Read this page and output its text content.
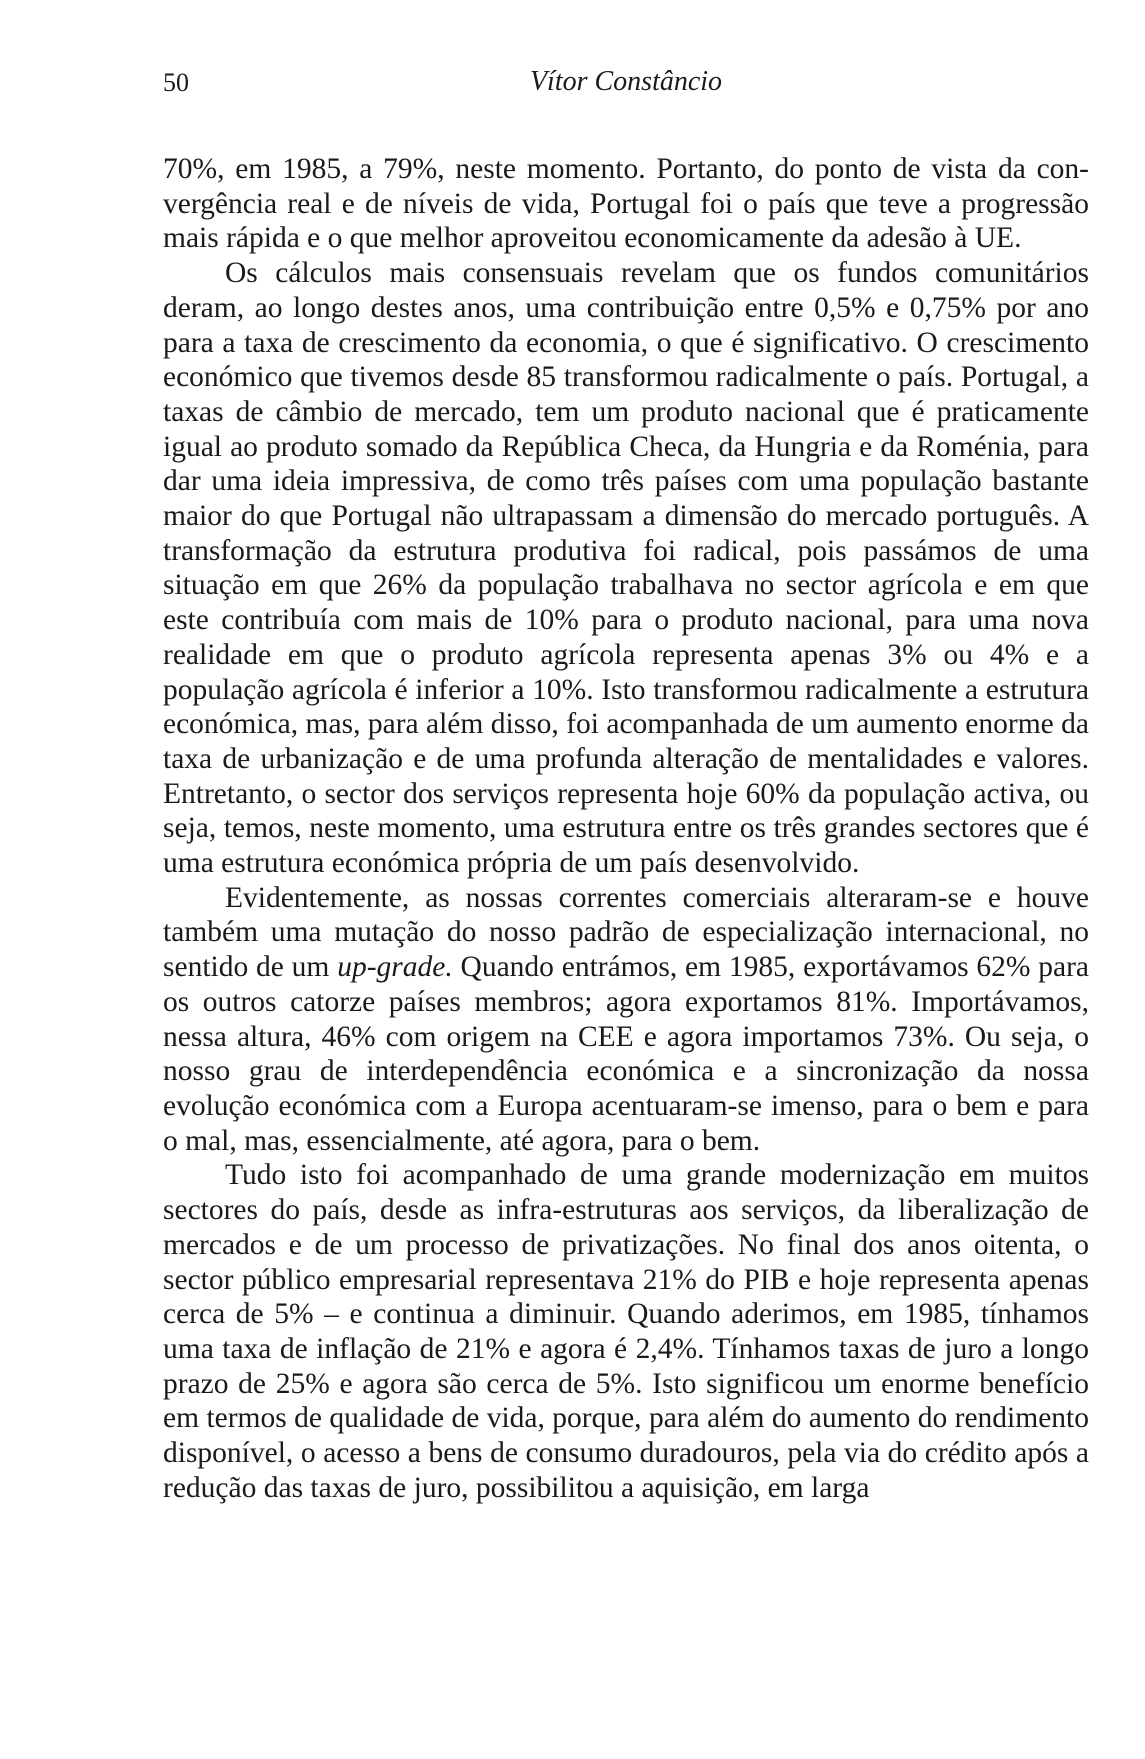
50	Vítor Constâncio

70%, em 1985, a 79%, neste momento. Portanto, do ponto de vista da convergência real e de níveis de vida, Portugal foi o país que teve a progressão mais rápida e o que melhor aproveitou economicamente da adesão à UE.

Os cálculos mais consensuais revelam que os fundos comunitários deram, ao longo destes anos, uma contribuição entre 0,5% e 0,75% por ano para a taxa de crescimento da economia, o que é significativo. O crescimento económico que tivemos desde 85 transformou radicalmente o país. Portugal, a taxas de câmbio de mercado, tem um produto nacional que é praticamente igual ao produto somado da República Checa, da Hungria e da Roménia, para dar uma ideia impressiva, de como três países com uma população bastante maior do que Portugal não ultrapassam a dimensão do mercado português. A transformação da estrutura produtiva foi radical, pois passámos de uma situação em que 26% da população trabalhava no sector agrícola e em que este contribuía com mais de 10% para o produto nacional, para uma nova realidade em que o produto agrícola representa apenas 3% ou 4% e a população agrícola é inferior a 10%. Isto transformou radicalmente a estrutura económica, mas, para além disso, foi acompanhada de um aumento enorme da taxa de urbanização e de uma profunda alteração de mentalidades e valores. Entretanto, o sector dos serviços representa hoje 60% da população activa, ou seja, temos, neste momento, uma estrutura entre os três grandes sectores que é uma estrutura económica própria de um país desenvolvido.

Evidentemente, as nossas correntes comerciais alteraram-se e houve também uma mutação do nosso padrão de especialização internacional, no sentido de um up-grade. Quando entrámos, em 1985, exportávamos 62% para os outros catorze países membros; agora exportamos 81%. Importávamos, nessa altura, 46% com origem na CEE e agora importamos 73%. Ou seja, o nosso grau de interdependência económica e a sincronização da nossa evolução económica com a Europa acentuaram-se imenso, para o bem e para o mal, mas, essencialmente, até agora, para o bem.

Tudo isto foi acompanhado de uma grande modernização em muitos sectores do país, desde as infra-estruturas aos serviços, da liberalização de mercados e de um processo de privatizações. No final dos anos oitenta, o sector público empresarial representava 21% do PIB e hoje representa apenas cerca de 5% – e continua a diminuir. Quando aderimos, em 1985, tínhamos uma taxa de inflação de 21% e agora é 2,4%. Tínhamos taxas de juro a longo prazo de 25% e agora são cerca de 5%. Isto significou um enorme benefício em termos de qualidade de vida, porque, para além do aumento do rendimento disponível, o acesso a bens de consumo duradouros, pela via do crédito após a redução das taxas de juro, possibilitou a aquisição, em larga
